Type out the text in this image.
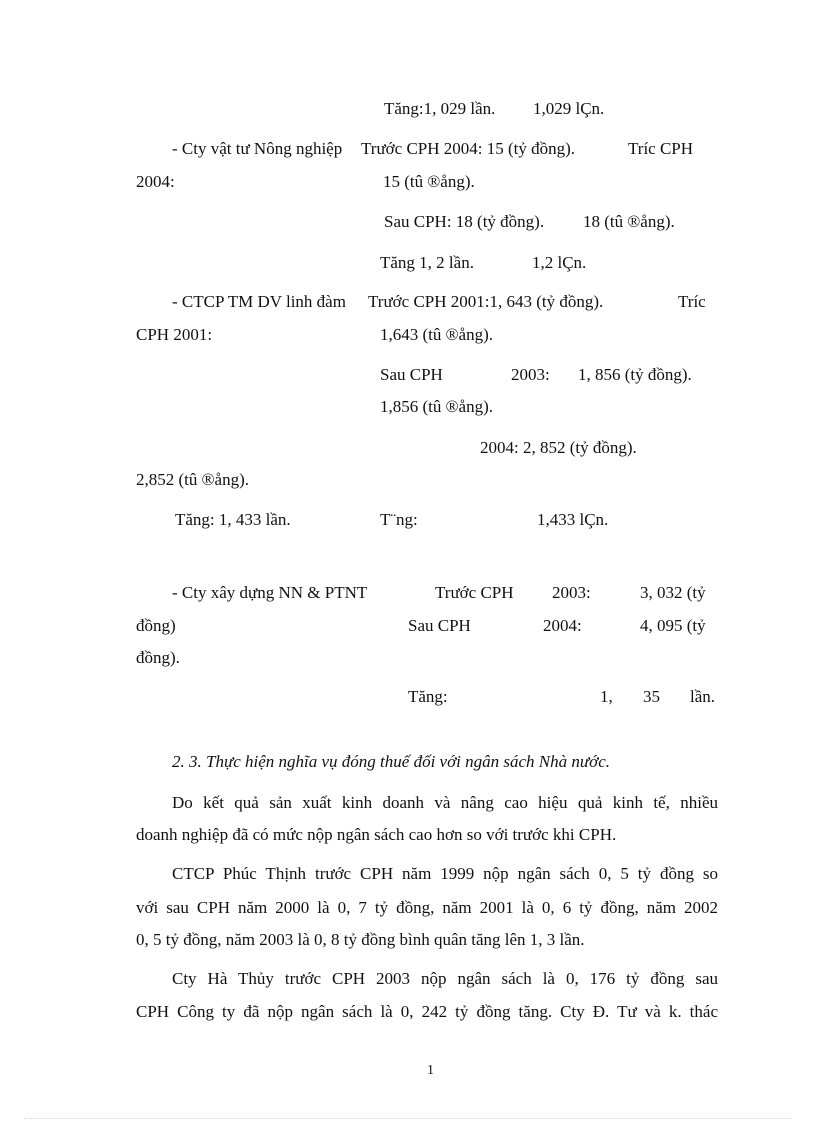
Tăng:1, 029 lần. 1,029 lÇn.
- Cty vật tư Nông nghiệp Trước CPH 2004: 15 (tỷ đồng).	Tríc CPH
2004:	15 (tû ®ång).
Sau CPH: 18 (tỷ đồng). 18 (tû ®ång).
Tăng 1, 2 lần.	1,2 lÇn.
- CTCP TM DV linh đàm Trước CPH 2001:1, 643 (tỷ đồng).	Tríc
CPH 2001:	1,643 (tû ®ång).
Sau CPH	2003: 1, 856 (tỷ đồng).
1,856 (tû ®ång).
2004: 2, 852 (tỷ đồng).
2,852 (tû ®ång).
Tăng: 1, 433 lần.	T¨ng:	1,433 lÇn.
- Cty xây dựng NN & PTNT	Trước CPH 2003:	3, 032 (tỷ
đồng)	Sau CPH	2004:	4, 095 (tỷ
đồng).
Tăng:	1, 35 lần.
2. 3. Thực hiện nghĩa vụ đóng thuế đối với ngân sách Nhà nước.
Do kết quả sản xuất kinh doanh và nâng cao hiệu quả kinh tế, nhiều
doanh nghiệp đã có mức nộp ngân sách cao hơn so với trước khi CPH.
CTCP Phúc Thịnh trước CPH năm 1999 nộp ngân sách 0, 5 tỷ đồng so
với sau CPH năm 2000 là 0, 7 tỷ đồng, năm 2001 là 0, 6 tỷ đồng, năm 2002
0, 5 tỷ đồng, năm 2003 là 0, 8 tỷ đồng bình quân tăng lên 1, 3 lần.
Cty Hà Thủy trước CPH 2003 nộp ngân sách là 0, 176 tỷ đồng sau
CPH Công ty đã nộp ngân sách là 0, 242 tỷ đồng tăng. Cty Đ. Tư và k. thác
1
